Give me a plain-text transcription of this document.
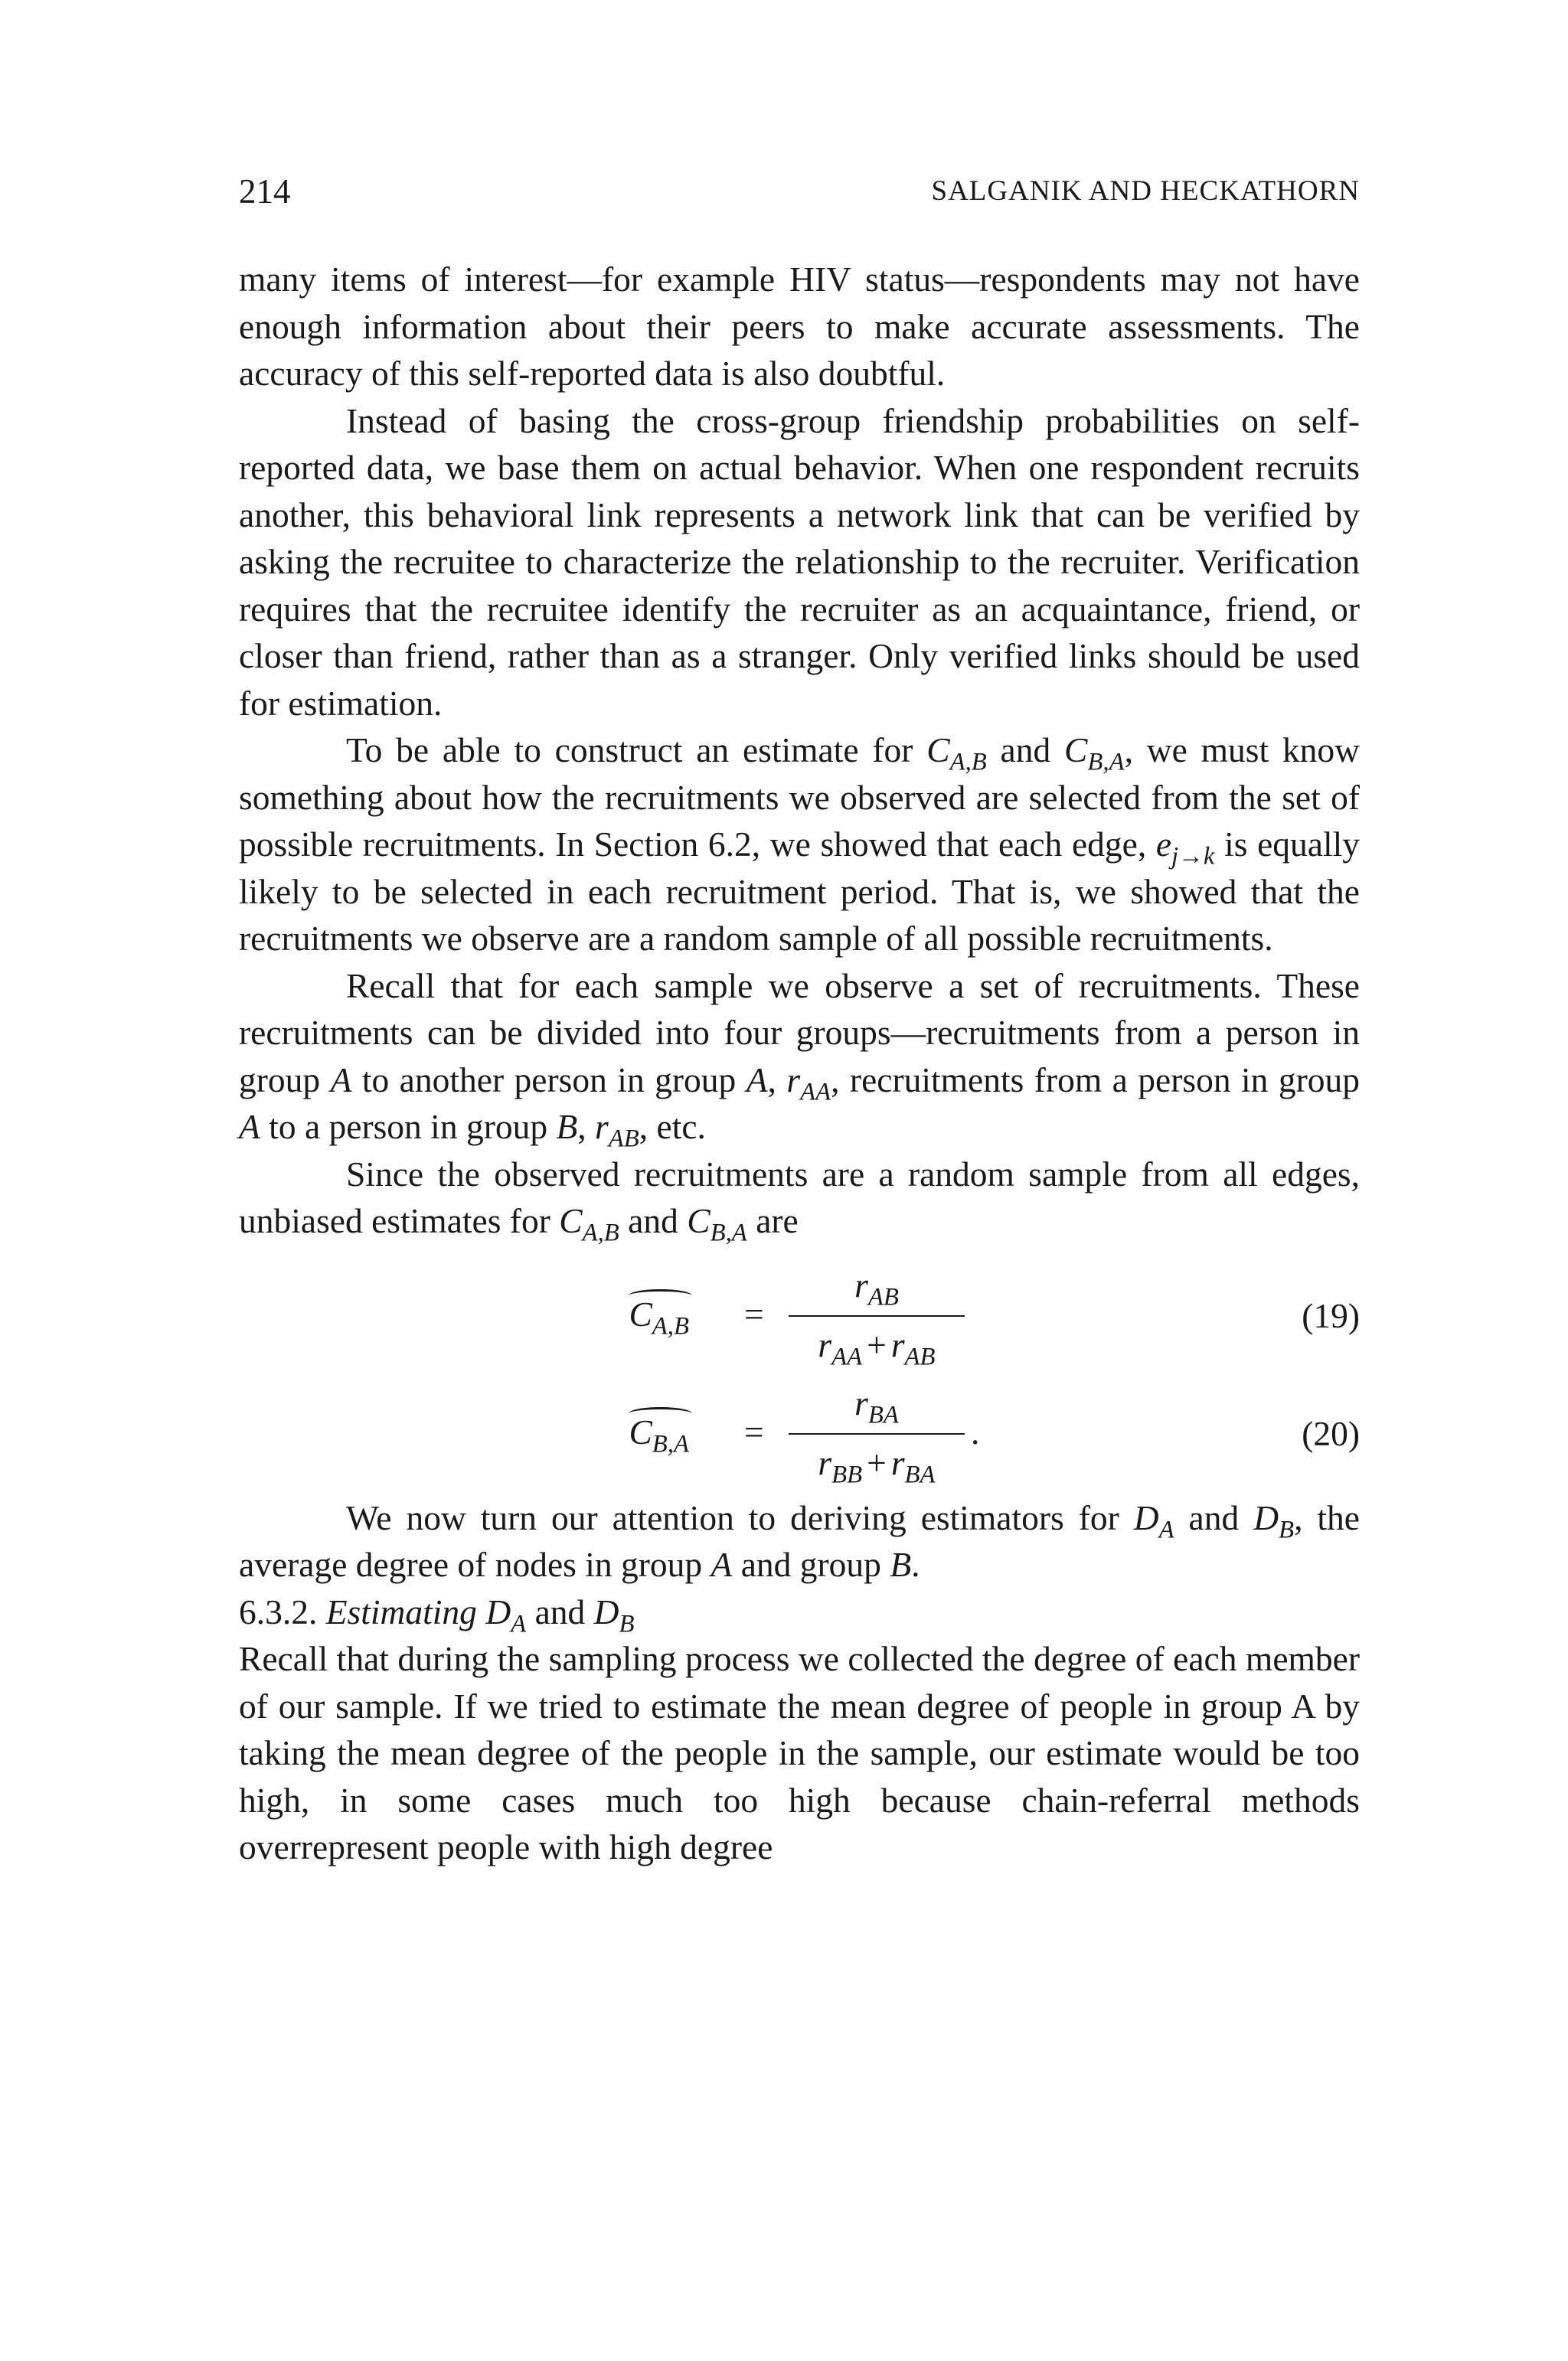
214	SALGANIK AND HECKATHORN

many items of interest—for example HIV status—respondents may not have enough information about their peers to make accurate assessments. The accuracy of this self-reported data is also doubtful.

Instead of basing the cross-group friendship probabilities on self-reported data, we base them on actual behavior. When one respondent recruits another, this behavioral link represents a network link that can be verified by asking the recruitee to characterize the relationship to the recruiter. Verification requires that the recruitee identify the recruiter as an acquaintance, friend, or closer than friend, rather than as a stranger. Only verified links should be used for estimation.

To be able to construct an estimate for $C_{A,B}$ and $C_{B,A}$, we must know something about how the recruitments we observed are selected from the set of possible recruitments. In Section 6.2, we showed that each edge, $e_{j\to k}$ is equally likely to be selected in each recruitment period. That is, we showed that the recruitments we observe are a random sample of all possible recruitments.

Recall that for each sample we observe a set of recruitments. These recruitments can be divided into four groups—recruitments from a person in group A to another person in group A, $r_{AA}$, recruitments from a person in group A to a person in group B, $r_{AB}$, etc.

Since the observed recruitments are a random sample from all edges, unbiased estimates for $C_{A,B}$ and $C_{B,A}$ are

$C_{A,B}$ =
$r_{AB}$
$r_{AA} + r_{AB}$
(19)
$C_{B,A}$ =
$r_{BA}$
$r_{BB} + r_{BA}$
.	(20)

We now turn our attention to deriving estimators for $D_A$ and $D_B$, the average degree of nodes in group A and group B.

6.3.2. Estimating $D_A$ and $D_B$

Recall that during the sampling process we collected the degree of each member of our sample. If we tried to estimate the mean degree of people in group A by taking the mean degree of the people in the sample, our estimate would be too high, in some cases much too high because chain-referral methods overrepresent people with high degree
